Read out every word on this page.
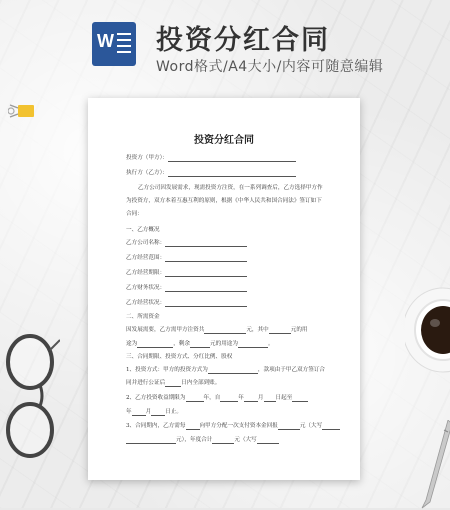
W 投资分红合同
Word格式/A4大小/内容可随意编辑
投资分红合同
投资方（甲方）：
执行方（乙方）：
乙方公司因发展需求，现需投资方注资，在一系列调查后，乙方选择甲方作
为投资方，双方本着互惠互利的原则，根据《中华人民共和国合同法》签订如下
合同：
一、乙方概况
乙方公司名称：
乙方经营范围：
乙方经营期限：
乙方财务状况：
乙方经营状况：
二、所需资金
因发展需要，乙方需甲方注资共	元，其中	元的用
途为	，剩余	元的用途为	。
三、合同期限、投资方式、分红比例、股权
1、投资方式：甲方的投资方式为	，款项由于甲乙双方签订合
同并进行公证后	日内全部到账。
2、乙方投资收益期限为	年，自	年	月 日起至
年	月	日止。
3、合同期内，乙方需每	向甲方分配一次支付资本金回报	元（大写
元），年度合计	元（大写
